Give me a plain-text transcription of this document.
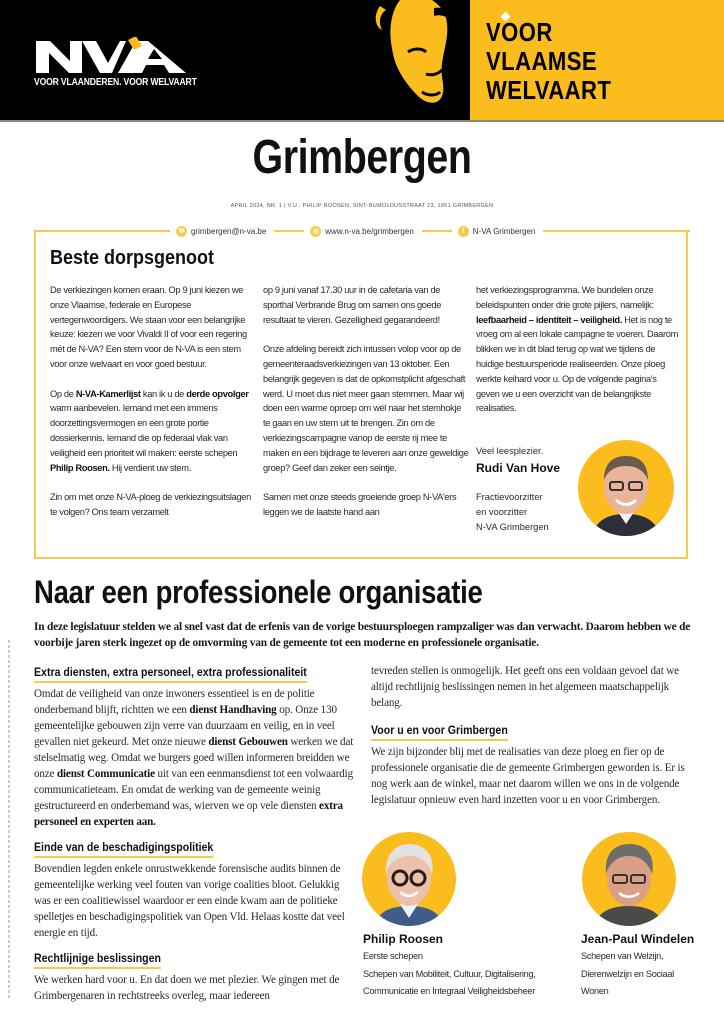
VOOR VLAANDEREN. VOOR WELVAART
VOOR
VLAAMSE
WELVAART
Grimbergen
APRIL 2024, NR. 1 | V.U.: PHILIP ROOSEN, SINT-RUMOLDUSSTRAAT 23, 1851 GRIMBERGEN
✉ grimbergen@n-va.be	◎ www.n-va.be/grimbergen	f	N-VA Grimbergen
Beste dorpsgenoot

De verkiezingen komen eraan. Op 9 juni kiezen we onze Vlaamse, federale en Europese vertegenwoordigers. We staan voor een belangrijke keuze: kiezen we voor Vivaldi II of voor een regering mét de N-VA? Een stem voor de N-VA is een stem voor onze welvaart en voor goed bestuur.

Op de N-VA-Kamerlijst kan ik u de derde opvolger warm aanbevelen. Iemand met een immens doorzettingsvermogen en een grote portie dossierkennis. Iemand die op federaal vlak van veiligheid een prioriteit wil maken: eerste schepen Philip Roosen. Hij verdient uw stem.

Zin om met onze N-VA-ploeg de verkiezingsuitslagen te volgen? Ons team verzamelt

op 9 juni vanaf 17.30 uur in de cafetaria van de sporthal Verbrande Brug om samen ons goede resultaat te vieren. Gezelligheid gegarandeerd!

Onze afdeling bereidt zich intussen volop voor op de gemeenteraadsverkiezingen van 13 oktober. Een belangrijk gegeven is dat de opkomstplicht afgeschaft werd. U moet dus niet meer gaan stemmen. Maar wij doen een warme oproep om wél naar het stemhokje te gaan en uw stem uit te brengen. Zin om de verkiezingscampagne vanop de eerste rij mee te maken en een bijdrage te leveren aan onze geweldige groep? Geef dan zeker een seintje.

Samen met onze steeds groeiende groep N-VA'ers leggen we de laatste hand aan

het verkiezingsprogramma. We bundelen onze beleidspunten onder drie grote pijlers, namelijk: leefbaarheid – identiteit – veiligheid. Het is nog te vroeg om al een lokale campagne te voeren. Daarom blikken we in dit blad terug op wat we tijdens de huidige bestuursperiode realiseerden. Onze ploeg werkte keihard voor u. Op de volgende pagina's geven we u een overzicht van de belangrijkste realisaties.

Veel leesplezier.
Rudi Van Hove
Fractievoorzitter
en voorzitter
N-VA Grimbergen
Naar een professionele organisatie
In deze legislatuur stelden we al snel vast dat de erfenis van de vorige bestuursploegen rampzaliger was dan verwacht. Daarom hebben we de voorbije jaren sterk ingezet op de omvorming van de gemeente tot een moderne en professionele organisatie.
Extra diensten, extra personeel, extra professionaliteit
Omdat de veiligheid van onze inwoners essentieel is en de politie onderbemand blijft, richtten we een dienst Handhaving op. Onze 130 gemeentelijke gebouwen zijn verre van duurzaam en veilig, en in veel gevallen niet gekeurd. Met onze nieuwe dienst Gebouwen werken we dat stelselmatig weg. Omdat we burgers goed willen informeren breidden we onze dienst Communicatie uit van een eenmansdienst tot een volwaardig communicatieteam. En omdat de werking van de gemeente weinig gestructureerd en onderbemand was, wierven we op vele diensten extra personeel en experten aan.
Einde van de beschadigingspolitiek
Bovendien legden enkele onrustwekkende forensische audits binnen de gemeentelijke werking veel fouten van vorige coalities bloot. Gelukkig was er een coalitiewissel waardoor er een einde kwam aan de politieke spelletjes en beschadigingspolitiek van Open Vld. Helaas kostte dat veel energie en tijd.
Rechtlijnige beslissingen
We werken hard voor u. En dat doen we met plezier. We gingen met de Grimbergenaren in rechtstreeks overleg, maar iedereen
tevreden stellen is onmogelijk. Het geeft ons een voldaan gevoel dat we altijd rechtlijnig beslissingen nemen in het algemeen maatschappelijk belang.
Voor u en voor Grimbergen
We zijn bijzonder blij met de realisaties van deze ploeg en fier op de professionele organisatie die de gemeente Grimbergen geworden is. Er is nog werk aan de winkel, maar net daarom willen we ons in de volgende legislatuur opnieuw even hard inzetten voor u en voor Grimbergen.
Philip Roosen
Eerste schepen
Schepen van Mobiliteit, Cultuur, Digitalisering,
Communicatie en Integraal Veiligheidsbeheer
Jean-Paul Windelen
Schepen van Welzijn,
Dierenwelzijn en Sociaal
Wonen
